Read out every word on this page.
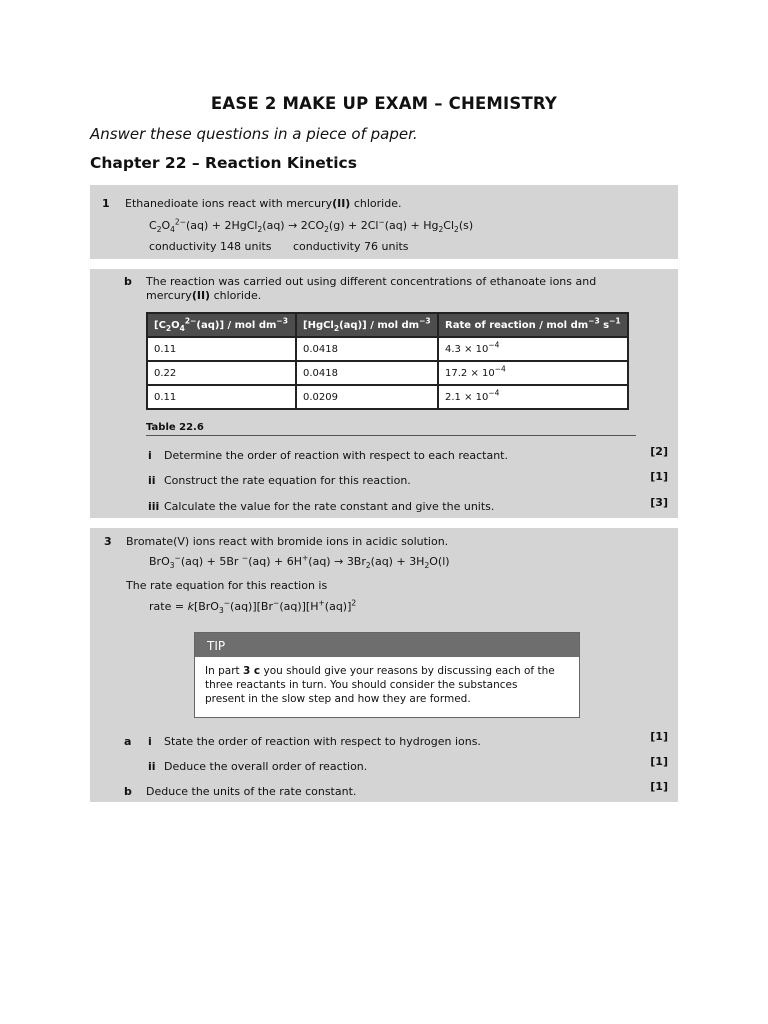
EASE 2 MAKE UP EXAM – CHEMISTRY
Answer these questions in a piece of paper.
Chapter 22 – Reaction Kinetics
1 Ethanedioate ions react with mercury(II) chloride.
$C_2O_4^{2-}(aq)$ + 2HgCl$_2$(aq) → $2CO_2(g) + 2Cl^-(aq) + Hg_2Cl_2(s)$
conductivity 148 units conductivity 76 units
b The reaction was carried out using different concentrations of ethanoate ions and
mercury(II) chloride.
$[C_2O_4^{2-}(aq)]$ / mol $dm^{-3}$	[HgCl$_2$(aq)] / mol $dm^{-3}$	Rate of reaction / mol $dm^{-3}$ $s^{-1}$
0.11	0.0418	$4.3 \times 10^{-4}$
0.22	0.0418	$17.2 \times 10^{-4}$
0.11	0.0209	$2.1 \times 10^{-4}$
Table 22.6
i Determine the order of reaction with respect to each reactant.	[2]
ii Construct the rate equation for this reaction.	[1]
iii Calculate the value for the rate constant and give the units.	[3]
3 Bromate(V) ions react with bromide ions in acidic solution.
BrO$_3$−(aq) + 5Br $^-(aq) + 6H^+(aq) \to 3Br_2(aq) + 3H_2O(l)$
The rate equation for this reaction is
rate = $k[BrO_3^-(aq)][Br^-(aq)][H^+(aq)]^2$
TIP
In part 3 c you should give your reasons by discussing each of the
three reactants in turn. You should consider the substances
present in the slow step and how they are formed.
a i State the order of reaction with respect to hydrogen ions.	[1]
ii Deduce the overall order of reaction.	[1]
b Deduce the units of the rate constant.	[1]
